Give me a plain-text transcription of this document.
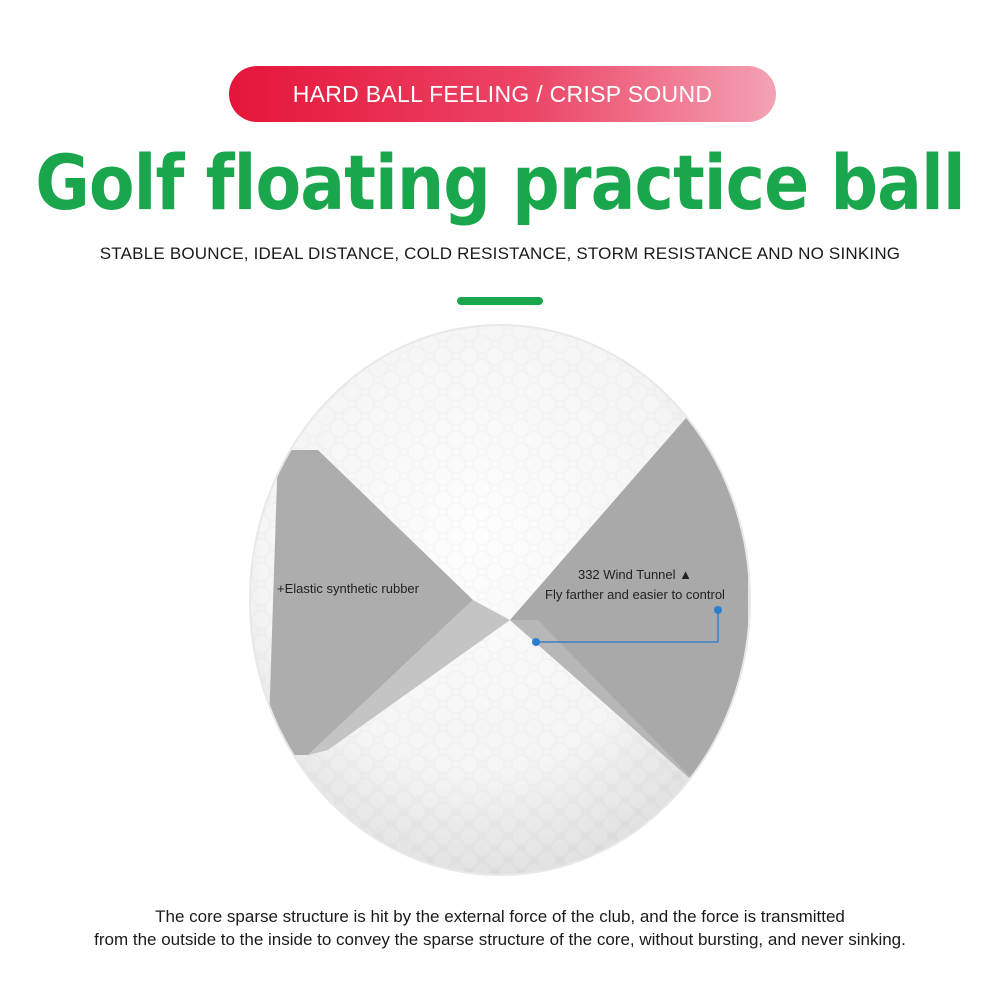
HARD BALL FEELING / CRISP SOUND
Golf floating practice ball
STABLE BOUNCE, IDEAL DISTANCE, COLD RESISTANCE, STORM RESISTANCE AND NO SINKING
+Elastic synthetic rubber
332 Wind Tunnel ▲
Fly farther and easier to control
The core sparse structure is hit by the external force of the club, and the force is transmitted
from the outside to the inside to convey the sparse structure of the core, without bursting, and never sinking.
